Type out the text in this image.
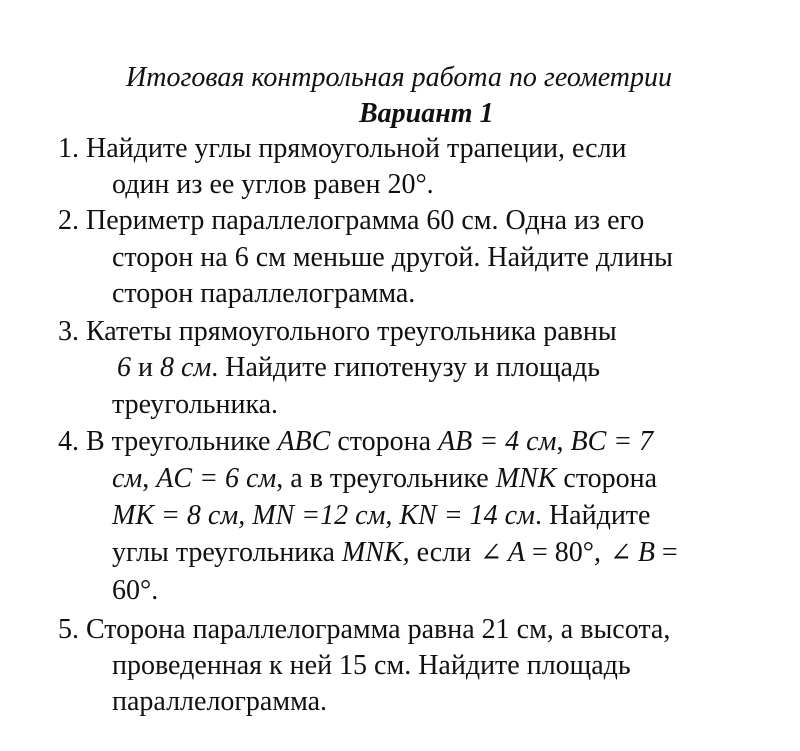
Итоговая контрольная работа по геометрии
Вариант 1
1. Найдите углы прямоугольной трапеции, если
один из ее углов равен 20°.
2. Периметр параллелограмма 60 см. Одна из его
сторон на 6 см меньше другой. Найдите длины
сторон параллелограмма.
3. Катеты прямоугольного треугольника равны
6 и 8 см. Найдите гипотенузу и площадь
треугольника.
4. В треугольнике ABC сторона AB = 4 см, BC = 7
см, AC = 6 см, а в треугольнике MNK сторона
MK = 8 см, MN =12 см, KN = 14 см. Найдите
углы треугольника MNK, если ∠ A = 80°, ∠ B =
60°.
5. Сторона параллелограмма равна 21 см, а высота,
проведенная к ней 15 см. Найдите площадь
параллелограмма.
